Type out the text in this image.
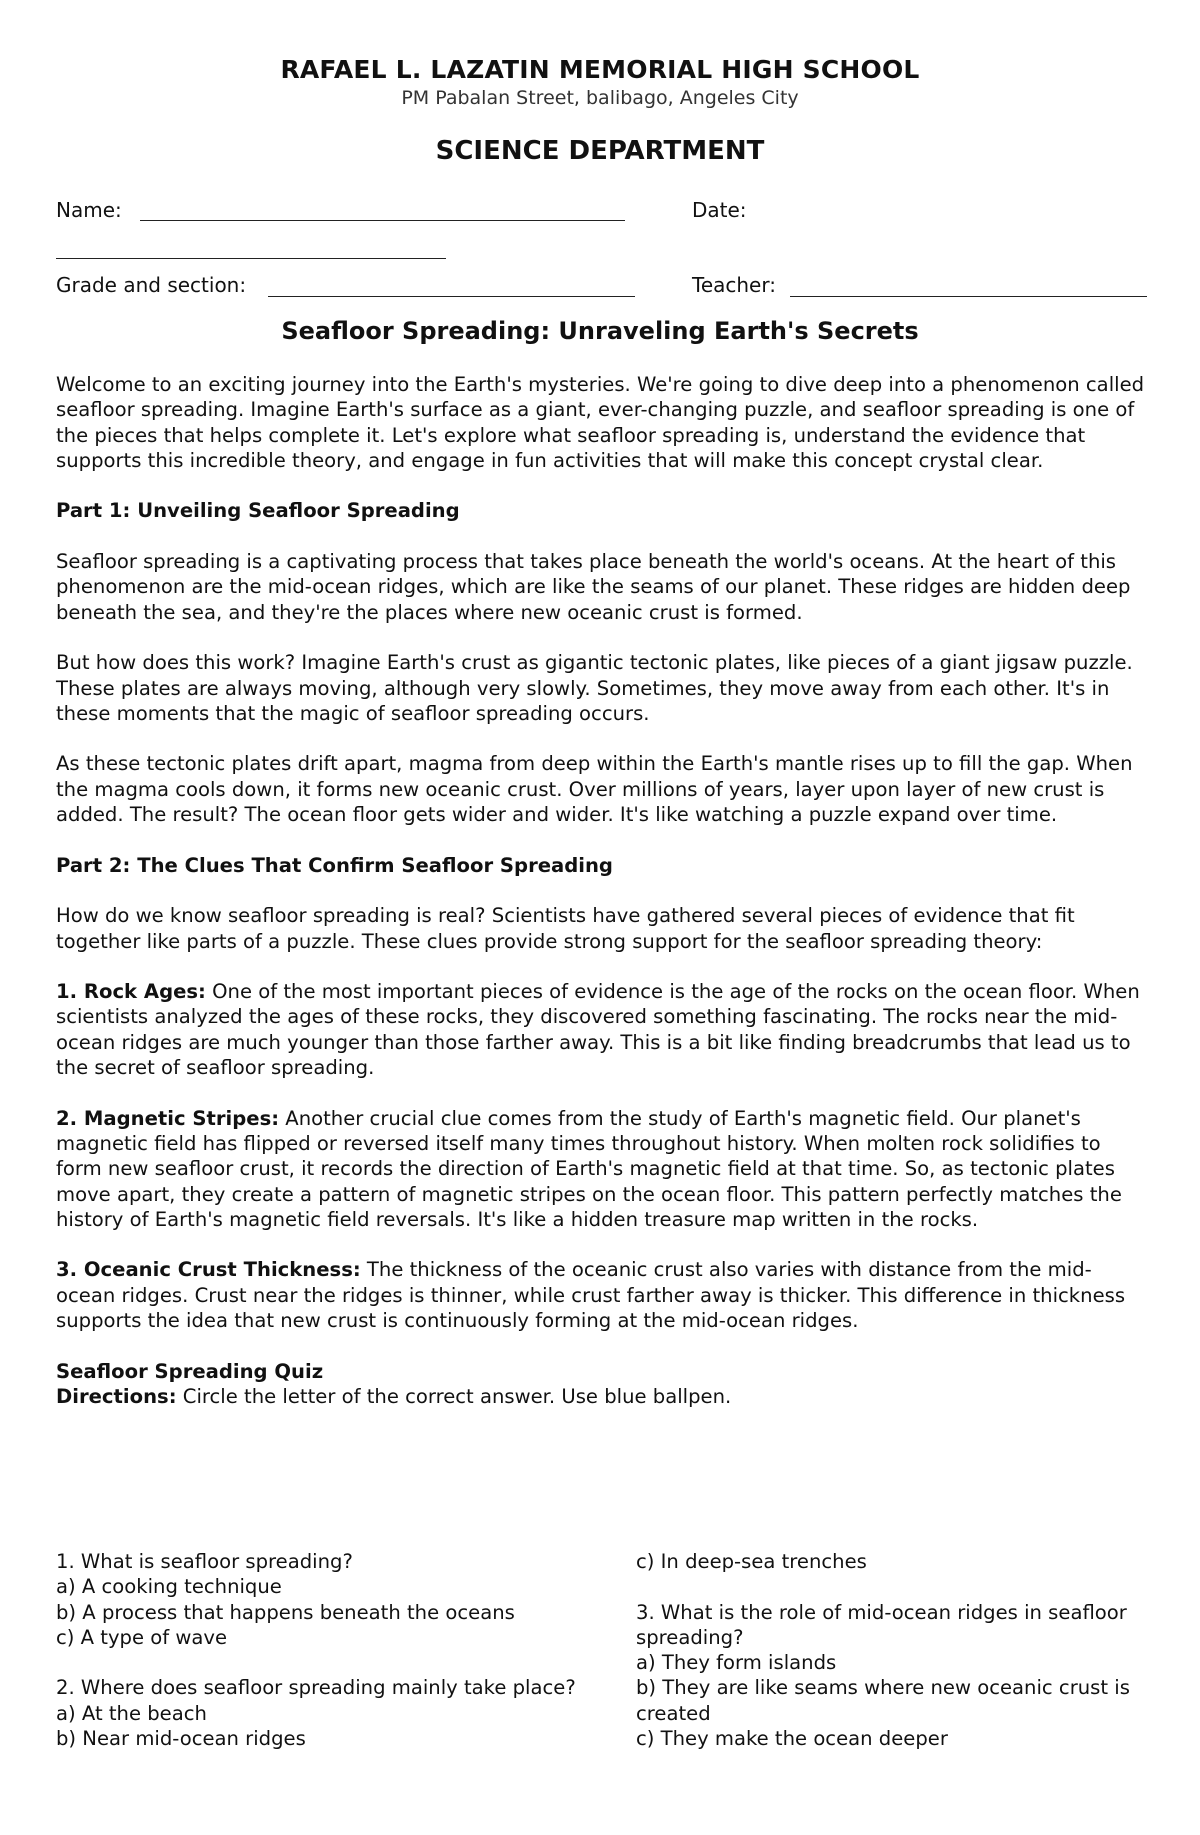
RAFAEL L. LAZATIN MEMORIAL HIGH SCHOOL
PM Pabalan Street, balibago, Angeles City
SCIENCE DEPARTMENT
Name:	Date:
Grade and section:	Teacher:
Seafloor Spreading: Unraveling Earth's Secrets

Welcome to an exciting journey into the Earth's mysteries. We're going to dive deep into a phenomenon called seafloor spreading. Imagine Earth's surface as a giant, ever-changing puzzle, and seafloor spreading is one of the pieces that helps complete it. Let's explore what seafloor spreading is, understand the evidence that supports this incredible theory, and engage in fun activities that will make this concept crystal clear.

Part 1: Unveiling Seafloor Spreading

Seafloor spreading is a captivating process that takes place beneath the world's oceans. At the heart of this phenomenon are the mid-ocean ridges, which are like the seams of our planet. These ridges are hidden deep beneath the sea, and they're the places where new oceanic crust is formed.

But how does this work? Imagine Earth's crust as gigantic tectonic plates, like pieces of a giant jigsaw puzzle. These plates are always moving, although very slowly. Sometimes, they move away from each other. It's in these moments that the magic of seafloor spreading occurs.

As these tectonic plates drift apart, magma from deep within the Earth's mantle rises up to fill the gap. When the magma cools down, it forms new oceanic crust. Over millions of years, layer upon layer of new crust is added. The result? The ocean floor gets wider and wider. It's like watching a puzzle expand over time.

Part 2: The Clues That Confirm Seafloor Spreading

How do we know seafloor spreading is real? Scientists have gathered several pieces of evidence that fit together like parts of a puzzle. These clues provide strong support for the seafloor spreading theory:

1. Rock Ages: One of the most important pieces of evidence is the age of the rocks on the ocean floor. When scientists analyzed the ages of these rocks, they discovered something fascinating. The rocks near the mid-ocean ridges are much younger than those farther away. This is a bit like finding breadcrumbs that lead us to the secret of seafloor spreading.

2. Magnetic Stripes: Another crucial clue comes from the study of Earth's magnetic field. Our planet's magnetic field has flipped or reversed itself many times throughout history. When molten rock solidifies to form new seafloor crust, it records the direction of Earth's magnetic field at that time. So, as tectonic plates move apart, they create a pattern of magnetic stripes on the ocean floor. This pattern perfectly matches the history of Earth's magnetic field reversals. It's like a hidden treasure map written in the rocks.

3. Oceanic Crust Thickness: The thickness of the oceanic crust also varies with distance from the mid-ocean ridges. Crust near the ridges is thinner, while crust farther away is thicker. This difference in thickness supports the idea that new crust is continuously forming at the mid-ocean ridges.

Seafloor Spreading Quiz
Directions: Circle the letter of the correct answer. Use blue ballpen.
1. What is seafloor spreading?
a) A cooking technique
b) A process that happens beneath the oceans
c) A type of wave
2. Where does seafloor spreading mainly take place?
a) At the beach
b) Near mid-ocean ridges
c) In deep-sea trenches
3. What is the role of mid-ocean ridges in seafloor spreading?
a) They form islands
b) They are like seams where new oceanic crust is created
c) They make the ocean deeper
